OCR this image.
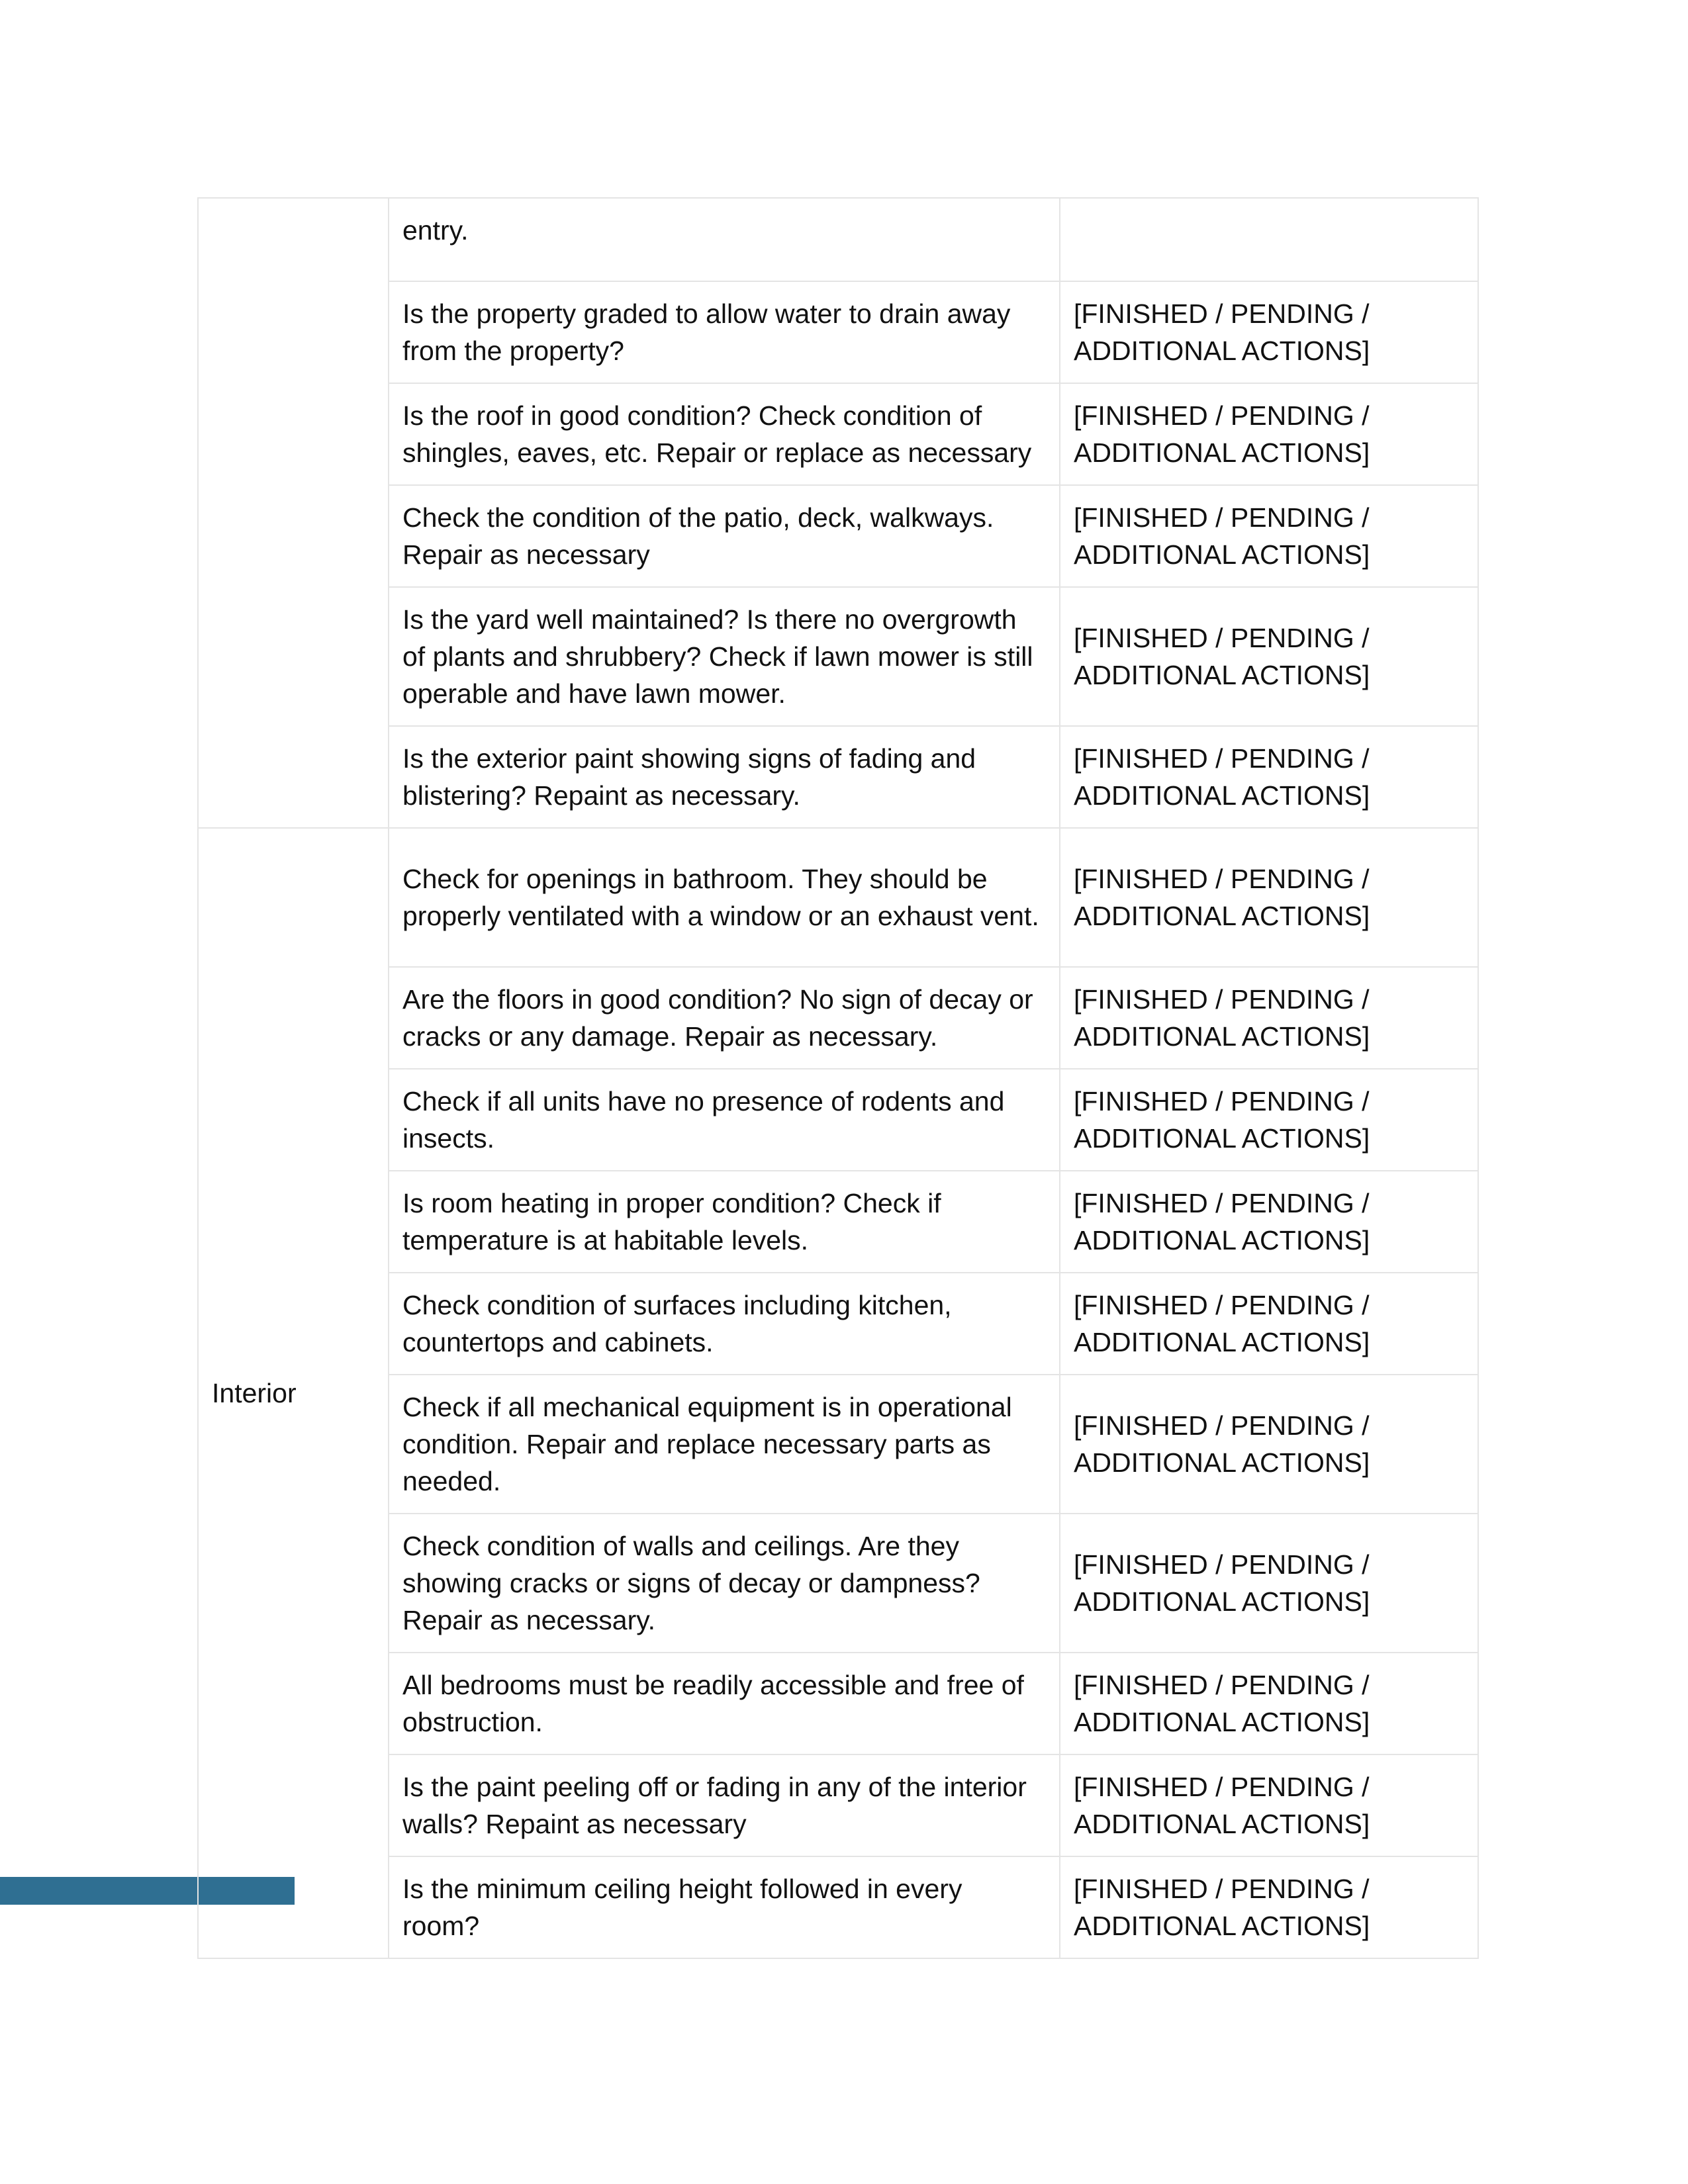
	entry.	
	Is the property graded to allow water to drain away from the property?	[FINISHED / PENDING / ADDITIONAL ACTIONS]
	Is the roof in good condition? Check condition of shingles, eaves, etc. Repair or replace as necessary	[FINISHED / PENDING / ADDITIONAL ACTIONS]
	Check the condition of the patio, deck, walkways. Repair as necessary	[FINISHED / PENDING / ADDITIONAL ACTIONS]
	Is the yard well maintained? Is there no overgrowth of plants and shrubbery? Check if lawn mower is still operable and have lawn mower.	[FINISHED / PENDING / ADDITIONAL ACTIONS]
	Is the exterior paint showing signs of fading and blistering? Repaint as necessary.	[FINISHED / PENDING / ADDITIONAL ACTIONS]
Interior	Check for openings in bathroom. They should be properly ventilated with a window or an exhaust vent.	[FINISHED / PENDING / ADDITIONAL ACTIONS]
	Are the floors in good condition? No sign of decay or cracks or any damage. Repair as necessary.	[FINISHED / PENDING / ADDITIONAL ACTIONS]
	Check if all units have no presence of rodents and insects.	[FINISHED / PENDING / ADDITIONAL ACTIONS]
	Is room heating in proper condition? Check if temperature is at habitable levels.	[FINISHED / PENDING / ADDITIONAL ACTIONS]
	Check condition of surfaces including kitchen, countertops and cabinets.	[FINISHED / PENDING / ADDITIONAL ACTIONS]
	Check if all mechanical equipment is in operational condition. Repair and replace necessary parts as needed.	[FINISHED / PENDING / ADDITIONAL ACTIONS]
	Check condition of walls and ceilings. Are they showing cracks or signs of decay or dampness? Repair as necessary.	[FINISHED / PENDING / ADDITIONAL ACTIONS]
	All bedrooms must be readily accessible and free of obstruction.	[FINISHED / PENDING / ADDITIONAL ACTIONS]
	Is the paint peeling off or fading in any of the interior walls? Repaint as necessary	[FINISHED / PENDING / ADDITIONAL ACTIONS]
	Is the minimum ceiling height followed in every room?	[FINISHED / PENDING / ADDITIONAL ACTIONS]
